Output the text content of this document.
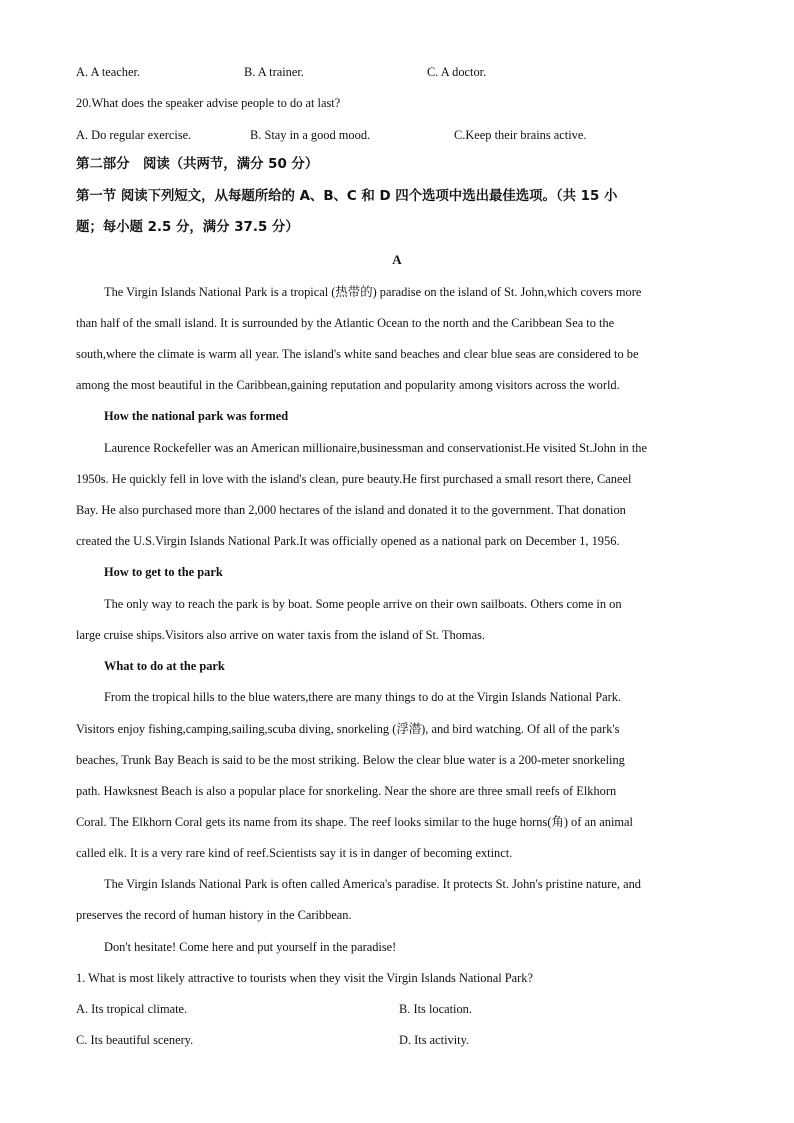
A. A teacher.	B. A trainer.	C. A doctor.
20.What does the speaker advise people to do at last?
A. Do regular exercise.	B. Stay in a good mood.	C.Keep their brains active.
第二部分　阅读（共两节，满分 50 分）
第一节 阅读下列短文，从每题所给的 A、B、C 和 D 四个选项中选出最佳选项。（共 15 小
题；每小题 2.5 分，满分 37.5 分）
A
The Virgin Islands National Park is a tropical (热带的) paradise on the island of St. John,which covers more
than half of the small island. It is surrounded by the Atlantic Ocean to the north and the Caribbean Sea to the
south,where the climate is warm all year. The island's white sand beaches and clear blue seas are considered to be
among the most beautiful in the Caribbean,gaining reputation and popularity among visitors across the world.
How the national park was formed
Laurence Rockefeller was an American millionaire,businessman and conservationist.He visited St.John in the
1950s. He quickly fell in love with the island's clean, pure beauty.He first purchased a small resort there, Caneel
Bay. He also purchased more than 2,000 hectares of the island and donated it to the government. That donation
created the U.S.Virgin Islands National Park.It was officially opened as a national park on December 1, 1956.
How to get to the park
The only way to reach the park is by boat. Some people arrive on their own sailboats. Others come in on
large cruise ships.Visitors also arrive on water taxis from the island of St. Thomas.
What to do at the park
From the tropical hills to the blue waters,there are many things to do at the Virgin Islands National Park.
Visitors enjoy fishing,camping,sailing,scuba diving, snorkeling (浮潜), and bird watching. Of all of the park's
beaches, Trunk Bay Beach is said to be the most striking. Below the clear blue water is a 200-meter snorkeling
path. Hawksnest Beach is also a popular place for snorkeling. Near the shore are three small reefs of Elkhorn
Coral. The Elkhorn Coral gets its name from its shape. The reef looks similar to the huge horns(角) of an animal
called elk. It is a very rare kind of reef.Scientists say it is in danger of becoming extinct.
The Virgin Islands National Park is often called America's paradise. It protects St. John's pristine nature, and
preserves the record of human history in the Caribbean.
Don't hesitate! Come here and put yourself in the paradise!
1. What is most likely attractive to tourists when they visit the Virgin Islands National Park?
A. Its tropical climate.	B. Its location.
C. Its beautiful scenery.	D. Its activity.
